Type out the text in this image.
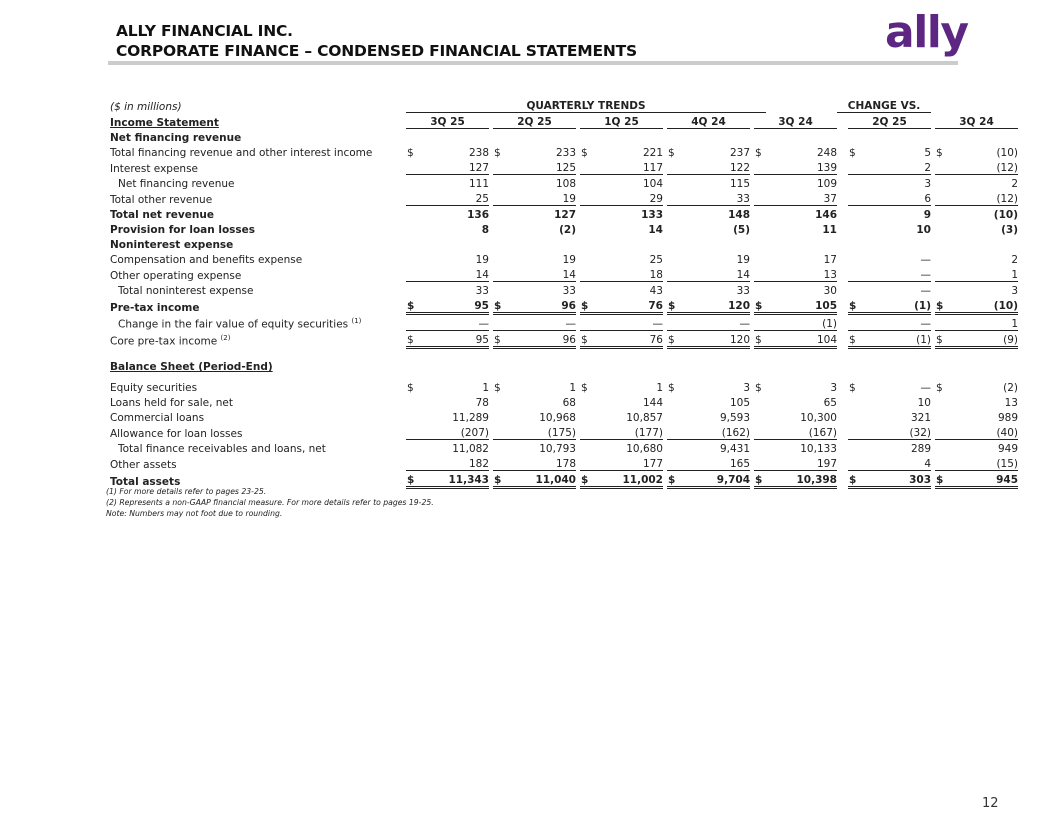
ALLY FINANCIAL INC.
CORPORATE FINANCE – CONDENSED FINANCIAL STATEMENTS	ally
($ in millions)		QUARTERLY TRENDS														CHANGE VS.					
Income Statement		3Q 25			2Q 25			1Q 25			4Q 24			3Q 24			2Q 25			3Q 24	
Net financing revenue																					
Total financing revenue and other interest income		$	238		$	233		$	221		$	237		$	248		$	5		$	(10)
Interest expense			127			125			117			122			139			2			(12)
Net financing revenue			111			108			104			115			109			3			2
Total other revenue			25			19			29			33			37			6			(12)
Total net revenue			136			127			133			148			146			9			(10)
Provision for loan losses			8			(2)			14			(5)			11			10			(3)
Noninterest expense																					
Compensation and benefits expense			19			19			25			19			17			—			2
Other operating expense			14			14			18			14			13			—			1
Total noninterest expense			33			33			43			33			30			—			3
Pre-tax income		$	95		$	96		$	76		$	120		$	105		$	(1)		$	(10)
Change in the fair value of equity securities $^{(1)}$			—			—			—			—			(1)			—			1
Core pre-tax income $^{(2)}$		$	95		$	96		$	76		$	120		$	104		$	(1)		$	(9)

Balance Sheet (Period-End)																					

Equity securities		$	1		$	1		$	1		$	3		$	3		$	—		$	(2)
Loans held for sale, net			78			68			144			105			65			10			13
Commercial loans			11,289			10,968			10,857			9,593			10,300			321			989
Allowance for loan losses			(207)			(175)			(177)			(162)			(167)			(32)			(40)
Total finance receivables and loans, net			11,082			10,793			10,680			9,431			10,133			289			949
Other assets			182			178			177			165			197			4			(15)
Total assets		$	11,343		$	11,040		$	11,002		$	9,704		$	10,398		$	303		$	945
(1) For more details refer to pages 23-25.
(2) Represents a non-GAAP financial measure. For more details refer to pages 19-25.
Note: Numbers may not foot due to rounding.
12
